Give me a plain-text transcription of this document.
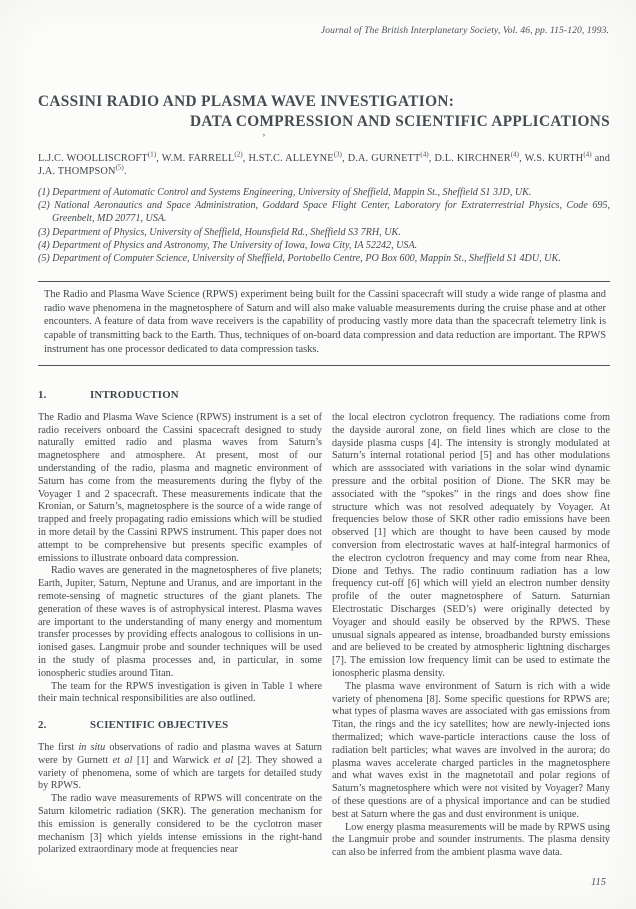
Journal of The British Interplanetary Society, Vol. 46, pp. 115-120, 1993.
CASSINI RADIO AND PLASMA WAVE INVESTIGATION:
DATA COMPRESSION AND SCIENTIFIC APPLICATIONS
’
L.J.C. WOOLLISCROFT$^{(1)}$, W.M. FARRELL$^{(2)}$, H.ST.C. ALLEYNE$^{(3)}$, D.A. GURNETT$^{(4)}$, D.L. KIRCHNER$^{(4)}$, W.S. KURTH$^{(4)}$ and J.A. THOMPSON$^{(5)}$.
(1) Department of Automatic Control and Systems Engineering, University of Sheffield, Mappin St., Sheffield S1 3JD, UK.
(2) National Aeronautics and Space Administration, Goddard Space Flight Center, Laboratory for Extraterrestrial Physics, Code 695, Greenbelt, MD 20771, USA.
(3) Department of Physics, University of Sheffield, Hounsfield Rd., Sheffield S3 7RH, UK.
(4) Department of Physics and Astronomy, The University of Iowa, Iowa City, IA 52242, USA.
(5) Department of Computer Science, University of Sheffield, Portobello Centre, PO Box 600, Mappin St., Sheffield S1 4DU, UK.

The Radio and Plasma Wave Science (RPWS) experiment being built for the Cassini spacecraft will study a wide range of plasma and radio wave phenomena in the magnetosphere of Saturn and will also make valuable measurements during the cruise phase and at other encounters. A feature of data from wave receivers is the capability of producing vastly more data than the spacecraft telemetry link is capable of transmitting back to the Earth. Thus, techniques of on-board data compression and data reduction are important. The RPWS instrument has one processor dedicated to data compression tasks.

1.	INTRODUCTION

The Radio and Plasma Wave Science (RPWS) instrument is a set of radio receivers onboard the Cassini spacecraft designed to study naturally emitted radio and plasma waves from Saturn’s magnetosphere and atmosphere. At present, most of our understanding of the radio, plasma and magnetic environment of Saturn has come from the measurements during the flyby of the Voyager 1 and 2 spacecraft. These measurements indicate that the Kronian, or Saturn’s, magnetosphere is the source of a wide range of trapped and freely propagating radio emissions which will be studied in more detail by the Cassini RPWS instrument. This paper does not attempt to be comprehensive but presents specific examples of emissions to illustrate onboard data compression.

Radio waves are generated in the magnetospheres of five planets; Earth, Jupiter, Saturn, Neptune and Uranus, and are important in the remote-sensing of magnetic structures of the giant planets. The generation of these waves is of astrophysical interest. Plasma waves are important to the understanding of many energy and momentum transfer processes by providing effects analogous to collisions in un-ionised gases. Langmuir probe and sounder techniques will be used in the study of plasma processes and, in particular, in some ionospheric studies around Titan.

The team for the RPWS investigation is given in Table 1 where their main technical responsibilities are also outlined.

2.	SCIENTIFIC OBJECTIVES

The first in situ observations of radio and plasma waves at Saturn were by Gurnett et al [1] and Warwick et al [2]. They showed a variety of phenomena, some of which are targets for detailed study by RPWS.

The radio wave measurements of RPWS will concentrate on the Saturn kilometric radiation (SKR). The generation mechanism for this emission is generally considered to be the cyclotron maser mechanism [3] which yields intense emissions in the right-hand polarized extraordinary mode at frequencies near

the local electron cyclotron frequency. The radiations come from the dayside auroral zone, on field lines which are close to the dayside plasma cusps [4]. The intensity is strongly modulated at Saturn’s internal rotational period [5] and has other modulations which are asssociated with variations in the solar wind dynamic pressure and the orbital position of Dione. The SKR may be associated with the “spokes” in the rings and does show fine structure which was not resolved adequately by Voyager. At frequencies below those of SKR other radio emissions have been observed [1] which are thought to have been caused by mode conversion from electrostatic waves at half-integral harmonics of the electron cyclotron frequency and may come from near Rhea, Dione and Tethys. The radio continuum radiation has a low frequency cut-off [6] which will yield an electron number density profile of the outer magnetosphere of Saturn. Saturnian Electrostatic Discharges (SED’s) were originally detected by Voyager and should easily be observed by the RPWS. These unusual signals appeared as intense, broadbanded bursty emissions and are believed to be created by atmospheric lightning discharges [7]. The emission low frequency limit can be used to estimate the ionospheric plasma density.

The plasma wave environment of Saturn is rich with a wide variety of phenomena [8]. Some specific questions for RPWS are; what types of plasma waves are associated with gas emissions from Titan, the rings and the icy satellites; how are newly-injected ions thermalized; which wave-particle interactions cause the loss of radiation belt particles; what waves are involved in the aurora; do plasma waves accelerate charged particles in the magnetosphere and what waves exist in the magnetotail and polar regions of Saturn’s magnetosphere which were not visited by Voyager? Many of these questions are of a physical importance and can be studied best at Saturn where the gas and dust environment is unique.

Low energy plasma measurements will be made by RPWS using the Langmuir probe and sounder instruments. The plasma density can also be inferred from the ambient plasma wave data.

115
